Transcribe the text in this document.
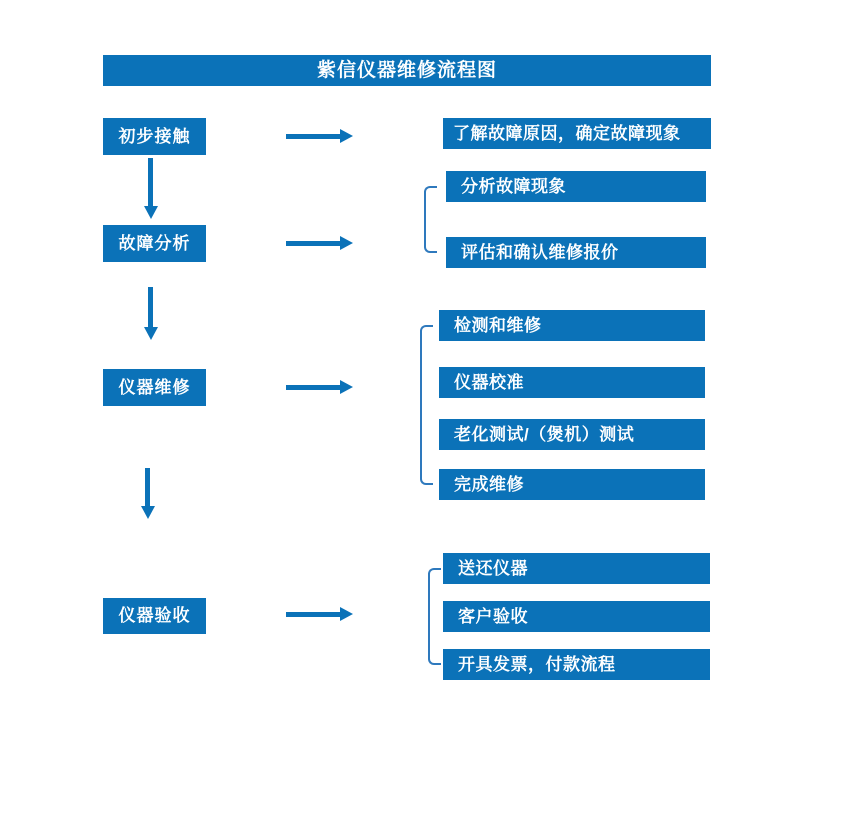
紫信仪器维修流程图
初步接触	了解故障原因，确定故障现象
故障分析
分析故障现象
评估和确认维修报价
仪器维修
检测和维修
仪器校准
老化测试/（煲机）测试
完成维修
仪器验收
送还仪器
客户验收
开具发票，付款流程
